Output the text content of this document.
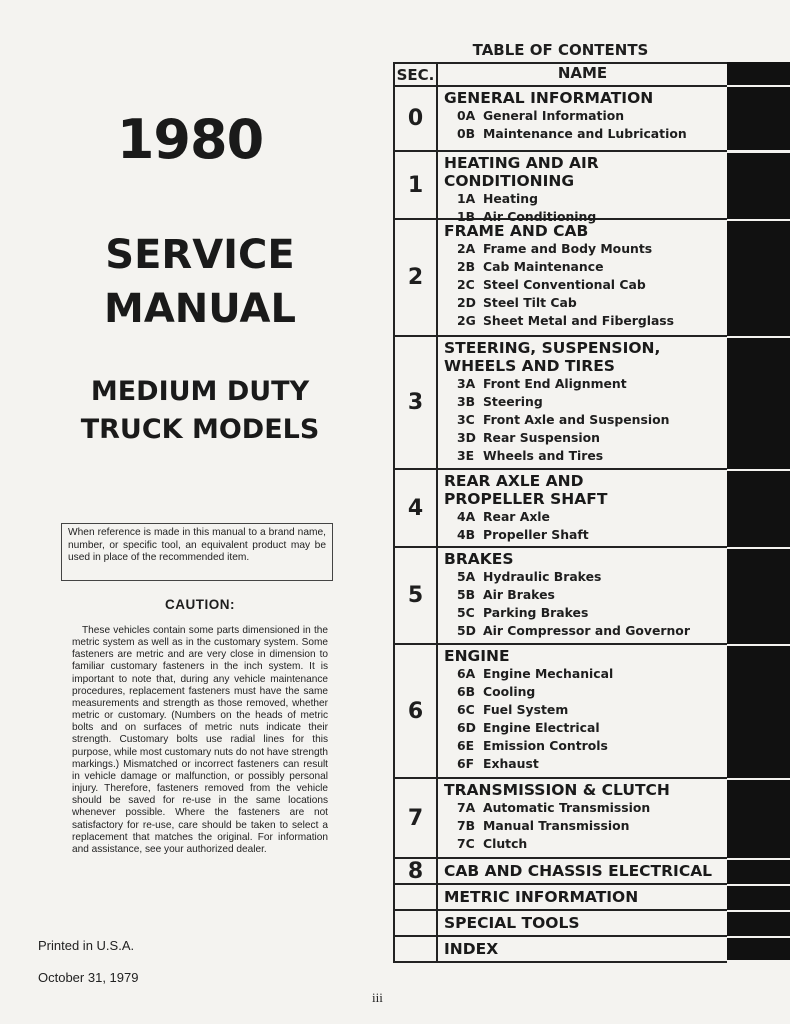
1980
SERVICE
MANUAL
MEDIUM DUTY
TRUCK MODELS
When reference is made in this manual to a brand name, number, or specific tool, an equivalent product may be used in place of the recommended item.
CAUTION:
These vehicles contain some parts dimensioned in the metric system as well as in the customary system. Some fasteners are metric and are very close in dimension to familiar customary fasteners in the inch system. It is important to note that, during any vehicle maintenance procedures, replacement fasteners must have the same measurements and strength as those removed, whether metric or customary. (Numbers on the heads of metric bolts and on surfaces of metric nuts indicate their strength. Customary bolts use radial lines for this purpose, while most customary nuts do not have strength markings.) Mismatched or incorrect fasteners can result in vehicle damage or malfunction, or possibly personal injury. Therefore, fasteners removed from the vehicle should be saved for re-use in the same locations whenever possible. Where the fasteners are not satisfactory for re-use, care should be taken to select a replacement that matches the original. For information and assistance, see your authorized dealer.
Printed in U.S.A.
October 31, 1979
iii
TABLE OF CONTENTS
SEC.	NAME
0
GENERAL INFORMATION
0A General Information
0B Maintenance and Lubrication
1
HEATING AND AIR CONDITIONING
1A Heating
1B Air Conditioning
2
FRAME AND CAB
2A Frame and Body Mounts
2B Cab Maintenance
2C Steel Conventional Cab
2D Steel Tilt Cab
2G Sheet Metal and Fiberglass
3
STEERING, SUSPENSION,
WHEELS AND TIRES
3A Front End Alignment
3B Steering
3C Front Axle and Suspension
3D Rear Suspension
3E Wheels and Tires
4
REAR AXLE AND
PROPELLER SHAFT
4A Rear Axle
4B Propeller Shaft
5
BRAKES
5A Hydraulic Brakes
5B Air Brakes
5C Parking Brakes
5D Air Compressor and Governor
6
ENGINE
6A Engine Mechanical
6B Cooling
6C Fuel System
6D Engine Electrical
6E Emission Controls
6F Exhaust
7
TRANSMISSION & CLUTCH
7A Automatic Transmission
7B Manual Transmission
7C Clutch
8	CAB AND CHASSIS ELECTRICAL
METRIC INFORMATION
SPECIAL TOOLS
INDEX
